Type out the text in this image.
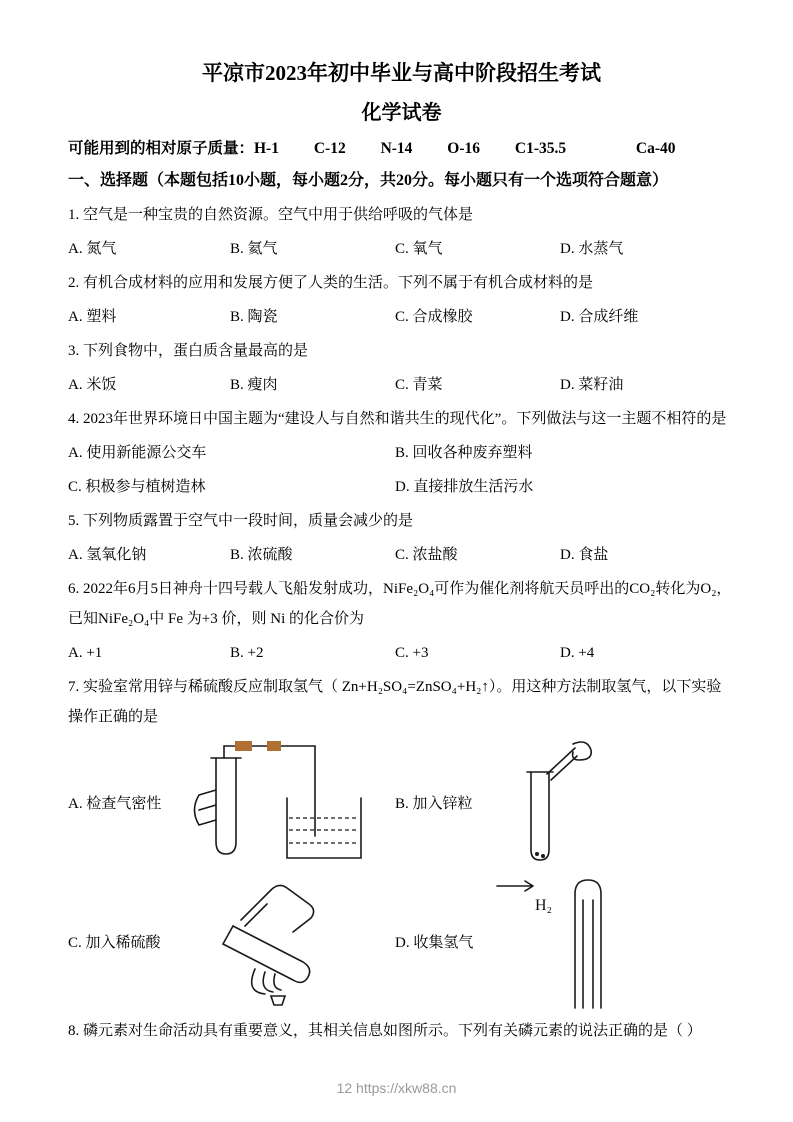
平凉市2023年初中毕业与高中阶段招生考试
化学试卷
可能用到的相对原子质量：H-1         C-12         N-14         O-16         C1-35.5                  Ca-40
一、选择题（本题包括10小题，每小题2分，共20分。每小题只有一个选项符合题意）

1. 空气是一种宝贵的自然资源。空气中用于供给呼吸的气体是

A. 氮气	B. 氦气	C. 氧气	D. 水蒸气

2. 有机合成材料的应用和发展方便了人类的生活。下列不属于有机合成材料的是

A. 塑料	B. 陶瓷	C. 合成橡胶	D. 合成纤维

3. 下列食物中，蛋白质含量最高的是

A. 米饭	B. 瘦肉	C. 青菜	D. 菜籽油

4. 2023年世界环境日中国主题为“建设人与自然和谐共生的现代化”。下列做法与这一主题不相符的是

A. 使用新能源公交车	B. 回收各种废弃塑料
C. 积极参与植树造林	D. 直接排放生活污水

5. 下列物质露置于空气中一段时间，质量会减少的是

A. 氢氧化钠	B. 浓硫酸	C. 浓盐酸	D. 食盐

6. 2022年6月5日神舟十四号载人飞船发射成功，NiFe₂O₄可作为催化剂将航天员呼出的CO₂转化为O₂，已知NiFe₂O₄中 Fe 为+3 价，则 Ni 的化合价为

A. +1	B. +2	C. +3	D. +4

7. 实验室常用锌与稀硫酸反应制取氢气（ Zn+H₂SO₄=ZnSO₄+H₂↑）。用这种方法制取氢气，以下实验操作正确的是

A. 检查气密性	B. 加入锌粒
C. 加入稀硫酸	D. 收集氢气
H₂

8. 磷元素对生命活动具有重要意义，其相关信息如图所示。下列有关磷元素的说法正确的是（ ）

12 https://xkw88.cn
